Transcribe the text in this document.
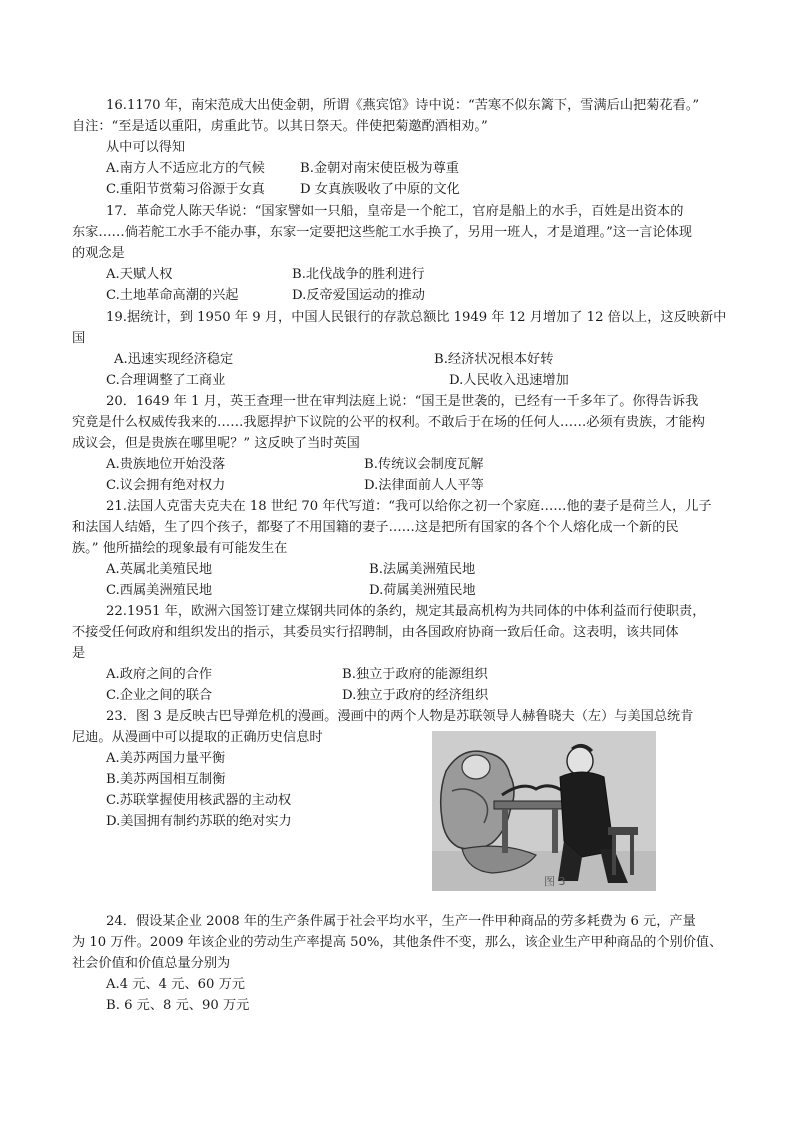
16.1170 年，南宋范成大出使金朝，所谓《燕宾馆》诗中说：“苦寒不似东篱下，雪满后山把菊花看。”
自注：“至是适以重阳，虏重此节。以其日祭天。伴使把菊邀酌酒相劝。”
从中可以得知
A.南方人不适应北方的气候	B.金朝对南宋使臣极为尊重
C.重阳节赏菊习俗源于女真	D 女真族吸收了中原的文化
17．革命党人陈天华说：“国家譬如一只船，皇帝是一个舵工，官府是船上的水手，百姓是出资本的
东家……倘若舵工水手不能办事，东家一定要把这些舵工水手换了，另用一班人，才是道理。”这一言论体现
的观念是
A.天赋人权	B.北伐战争的胜利进行
C.土地革命高潮的兴起	D.反帝爱国运动的推动
19.据统计，到 1950 年 9 月，中国人民银行的存款总额比 1949 年 12 月增加了 12 倍以上，这反映新中
国
A.迅速实现经济稳定	B.经济状况根本好转
C.合理调整了工商业	D.人民收入迅速增加
20．1649 年 1 月，英王查理一世在审判法庭上说：“国王是世袭的，已经有一千多年了。你得告诉我
究竟是什么权威传我来的……我愿捍护下议院的公平的权利。不敢后于在场的任何人……必须有贵族，才能构
成议会，但是贵族在哪里呢？” 这反映了当时英国
A.贵族地位开始没落	B.传统议会制度瓦解
C.议会拥有绝对权力	D.法律面前人人平等
21.法国人克雷夫克夫在 18 世纪 70 年代写道：“我可以给你之初一个家庭……他的妻子是荷兰人，儿子
和法国人结婚，生了四个孩子，都娶了不用国籍的妻子……这是把所有国家的各个个人熔化成一个新的民
族。” 他所描绘的现象最有可能发生在
A.英属北美殖民地	B.法属美洲殖民地
C.西属美洲殖民地	D.荷属美洲殖民地
22.1951 年，欧洲六国签订建立煤钢共同体的条约，规定其最高机构为共同体的中体利益而行使职责，
不接受任何政府和组织发出的指示，其委员实行招聘制，由各国政府协商一致后任命。这表明，该共同体
是
A.政府之间的合作	B.独立于政府的能源组织
C.企业之间的联合	D.独立于政府的经济组织
23．图 3 是反映古巴导弹危机的漫画。漫画中的两个人物是苏联领导人赫鲁晓夫（左）与美国总统肯
尼迪。从漫画中可以提取的正确历史信息时
A.美苏两国力量平衡
B.美苏两国相互制衡
C.苏联掌握使用核武器的主动权
D.美国拥有制约苏联的绝对实力
图 3
24．假设某企业 2008 年的生产条件属于社会平均水平，生产一件甲种商品的劳多耗费为 6 元，产量
为 10 万件。2009 年该企业的劳动生产率提高 50%，其他条件不变，那么，该企业生产甲种商品的个别价值、
社会价值和价值总量分别为
A.4 元、4 元、60 万元
B. 6 元、8 元、90 万元
